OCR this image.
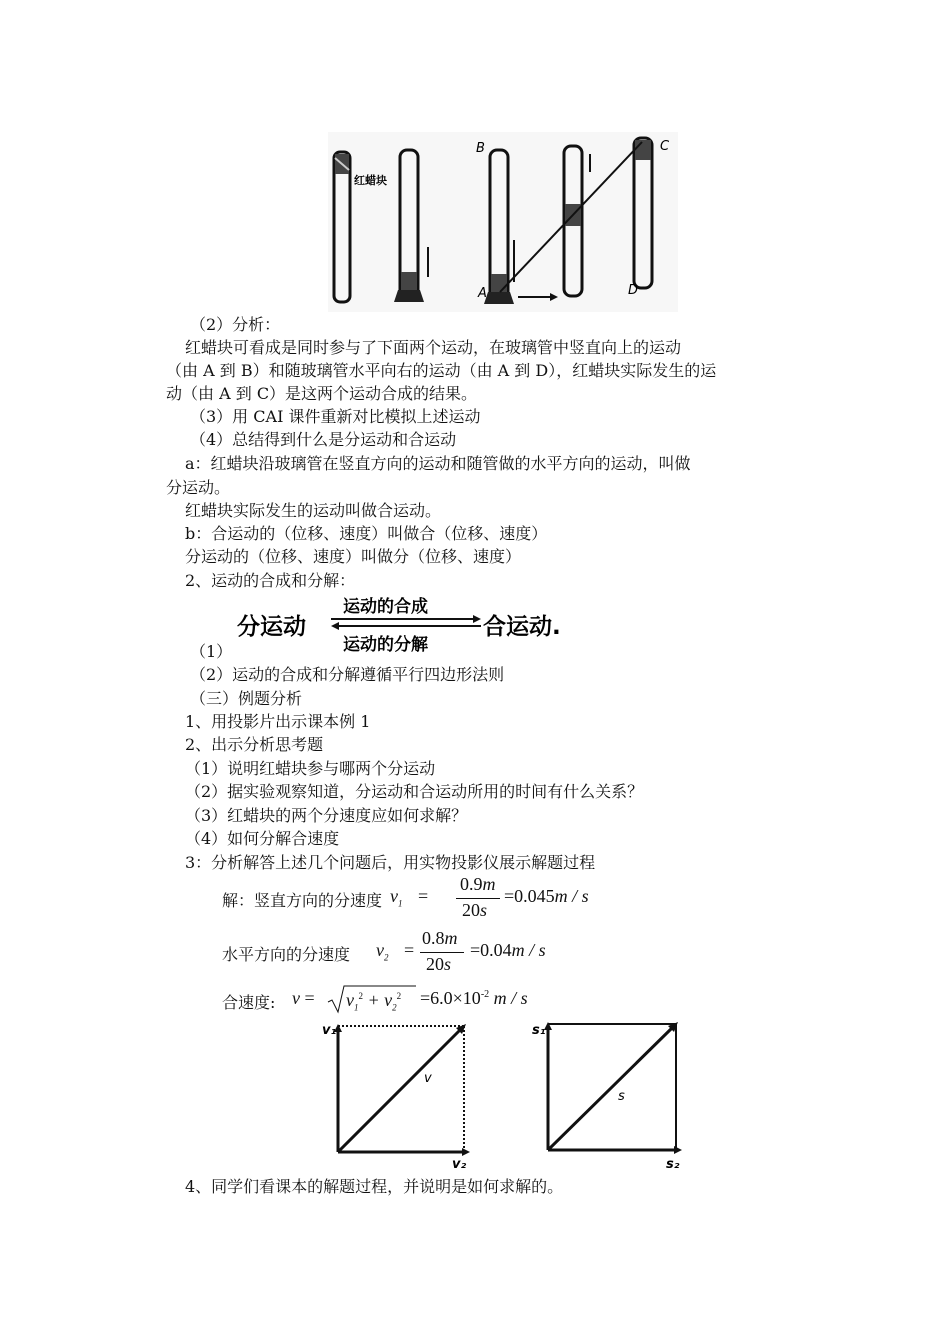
红蜡块
B
A
C
D
（2）分析：
红蜡块可看成是同时参与了下面两个运动，在玻璃管中竖直向上的运动
（由 A 到 B）和随玻璃管水平向右的运动（由 A 到 D），红蜡块实际发生的运
动（由 A 到 C）是这两个运动合成的结果。
（3）用 CAI 课件重新对比模拟上述运动
（4）总结得到什么是分运动和合运动
a：红蜡块沿玻璃管在竖直方向的运动和随管做的水平方向的运动，叫做
分运动。
红蜡块实际发生的运动叫做合运动。
b：合运动的（位移、速度）叫做合（位移、速度）
分运动的（位移、速度）叫做分（位移、速度）
2、运动的合成和分解：
分运动
运动的合成
运动的分解
合运动.
（1）
（2）运动的合成和分解遵循平行四边形法则
（三）例题分析
1、用投影片出示课本例 1
2、出示分析思考题
（1）说明红蜡块参与哪两个分运动
（2）据实验观察知道，分运动和合运动所用的时间有什么关系？
（3）红蜡块的两个分速度应如何求解？
（4）如何分解合速度
3：分析解答上述几个问题后，用实物投影仪展示解题过程
解：竖直方向的分速度 $v_1$ =
0.9m
20s
=0.045m / s
水平方向的分速度 $v_2$ =
0.8m
20s
=0.04m / s
合速度: $v = v_1^2 + v_2^2 =6.0\times 10^{-2}$ m / s
v₁
v
v₂
s₁
s
s₂
4、同学们看课本的解题过程，并说明是如何求解的。
